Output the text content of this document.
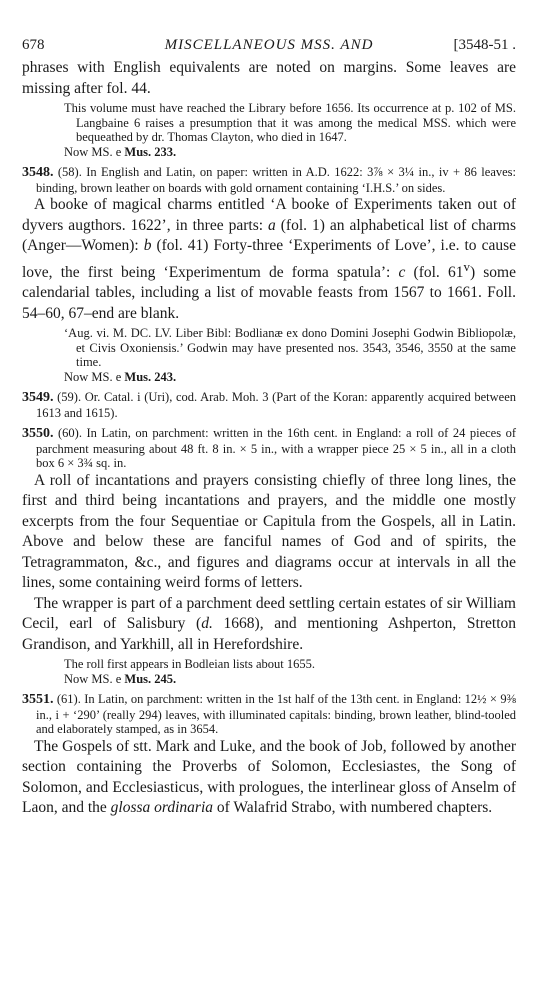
678	MISCELLANEOUS MSS. AND	[3548-51 .

phrases with English equivalents are noted on margins. Some leaves are missing after fol. 44.

This volume must have reached the Library before 1656. Its occurrence at p. 102 of MS. Langbaine 6 raises a presumption that it was among the medical MSS. which were bequeathed by dr. Thomas Clayton, who died in 1647.

Now MS. e Mus. 233.

3548. (58). In English and Latin, on paper: written in A.D. 1622: 3⅞ × 3¼ in., iv + 86 leaves: binding, brown leather on boards with gold ornament containing ‘I.H.S.’ on sides.

A booke of magical charms entitled ‘A booke of Experiments taken out of dyvers augthors. 1622’, in three parts: a (fol. 1) an alphabetical list of charms (Anger—Women): b (fol. 41) Forty-three ‘Experiments of Love’, i.e. to cause love, the first being ‘Experimentum de forma spatula’: c (fol. 61$^v$) some calendarial tables, including a list of movable feasts from 1567 to 1661. Foll. 54–60, 67–end are blank.

‘Aug. vi. M. DC. LV. Liber Bibl: Bodlianæ ex dono Domini Josephi Godwin Bibliopolæ, et Civis Oxoniensis.’ Godwin may have presented nos. 3543, 3546, 3550 at the same time.

Now MS. e Mus. 243.

3549. (59). Or. Catal. i (Uri), cod. Arab. Moh. 3 (Part of the Koran: apparently acquired between 1613 and 1615).

3550. (60). In Latin, on parchment: written in the 16th cent. in England: a roll of 24 pieces of parchment measuring about 48 ft. 8 in. × 5 in., with a wrapper piece 25 × 5 in., all in a cloth box 6 × 3¾ sq. in.

A roll of incantations and prayers consisting chiefly of three long lines, the first and third being incantations and prayers, and the middle one mostly excerpts from the four Sequentiae or Capitula from the Gospels, all in Latin. Above and below these are fanciful names of God and of spirits, the Tetragrammaton, &c., and figures and diagrams occur at intervals in all the lines, some containing weird forms of letters.

The wrapper is part of a parchment deed settling certain estates of sir William Cecil, earl of Salisbury (d. 1668), and mentioning Ashperton, Stretton Grandison, and Yarkhill, all in Herefordshire.

The roll first appears in Bodleian lists about 1655.

Now MS. e Mus. 245.

3551. (61). In Latin, on parchment: written in the 1st half of the 13th cent. in England: 12½ × 9⅜ in., i + ‘290’ (really 294) leaves, with illuminated capitals: binding, brown leather, blind-tooled and elaborately stamped, as in 3654.

The Gospels of stt. Mark and Luke, and the book of Job, followed by another section containing the Proverbs of Solomon, Ecclesiastes, the Song of Solomon, and Ecclesiasticus, with prologues, the interlinear gloss of Anselm of Laon, and the glossa ordinaria of Walafrid Strabo, with numbered chapters.
